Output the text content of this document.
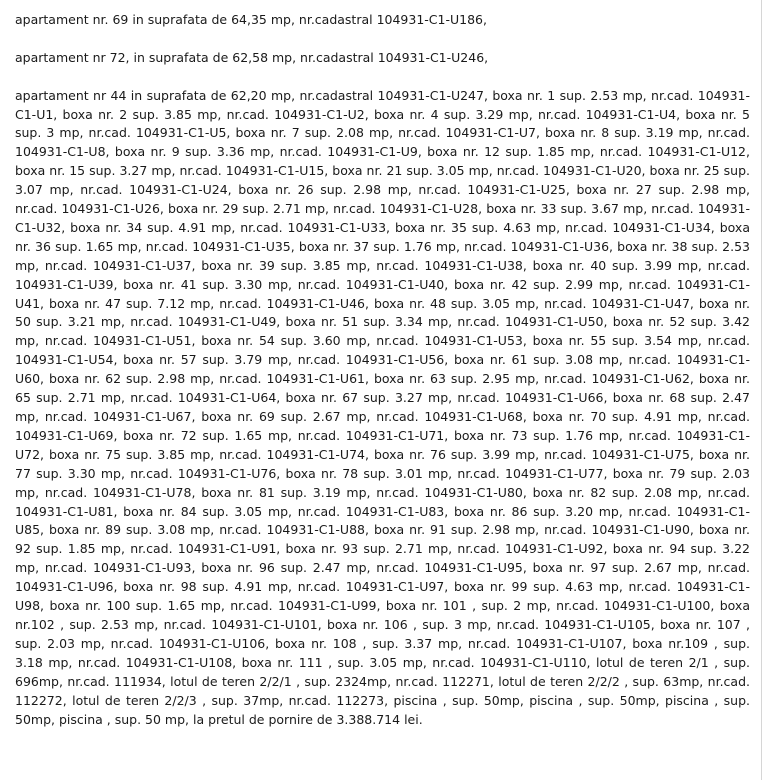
apartament nr. 69 in suprafata de 64,35 mp, nr.cadastral 104931-C1-U186,

apartament nr 72, in suprafata de 62,58 mp, nr.cadastral 104931-C1-U246,

apartament nr 44 in suprafata de 62,20 mp, nr.cadastral 104931-C1-U247, boxa nr. 1 sup. 2.53 mp, nr.cad. 104931-C1-U1, boxa nr. 2 sup. 3.85 mp, nr.cad. 104931-C1-U2, boxa nr. 4 sup. 3.29 mp, nr.cad. 104931-C1-U4, boxa nr. 5 sup. 3 mp, nr.cad. 104931-C1-U5, boxa nr. 7 sup. 2.08 mp, nr.cad. 104931-C1-U7, boxa nr. 8 sup. 3.19 mp, nr.cad. 104931-C1-U8, boxa nr. 9 sup. 3.36 mp, nr.cad. 104931-C1-U9, boxa nr. 12 sup. 1.85 mp, nr.cad. 104931-C1-U12, boxa nr. 15 sup. 3.27 mp, nr.cad. 104931-C1-U15, boxa nr. 21 sup. 3.05 mp, nr.cad. 104931-C1-U20, boxa nr. 25 sup. 3.07 mp, nr.cad. 104931-C1-U24, boxa nr. 26 sup. 2.98 mp, nr.cad. 104931-C1-U25, boxa nr. 27 sup. 2.98 mp, nr.cad. 104931-C1-U26, boxa nr. 29 sup. 2.71 mp, nr.cad. 104931-C1-U28, boxa nr. 33 sup. 3.67 mp, nr.cad. 104931-C1-U32, boxa nr. 34 sup. 4.91 mp, nr.cad. 104931-C1-U33, boxa nr. 35 sup. 4.63 mp, nr.cad. 104931-C1-U34, boxa nr. 36 sup. 1.65 mp, nr.cad. 104931-C1-U35, boxa nr. 37 sup. 1.76 mp, nr.cad. 104931-C1-U36, boxa nr. 38 sup. 2.53 mp, nr.cad. 104931-C1-U37, boxa nr. 39 sup. 3.85 mp, nr.cad. 104931-C1-U38, boxa nr. 40 sup. 3.99 mp, nr.cad. 104931-C1-U39, boxa nr. 41 sup. 3.30 mp, nr.cad. 104931-C1-U40, boxa nr. 42 sup. 2.99 mp, nr.cad. 104931-C1-U41, boxa nr. 47 sup. 7.12 mp, nr.cad. 104931-C1-U46, boxa nr. 48 sup. 3.05 mp, nr.cad. 104931-C1-U47, boxa nr. 50 sup. 3.21 mp, nr.cad. 104931-C1-U49, boxa nr. 51 sup. 3.34 mp, nr.cad. 104931-C1-U50, boxa nr. 52 sup. 3.42 mp, nr.cad. 104931-C1-U51, boxa nr. 54 sup. 3.60 mp, nr.cad. 104931-C1-U53, boxa nr. 55 sup. 3.54 mp, nr.cad. 104931-C1-U54, boxa nr. 57 sup. 3.79 mp, nr.cad. 104931-C1-U56, boxa nr. 61 sup. 3.08 mp, nr.cad. 104931-C1-U60, boxa nr. 62 sup. 2.98 mp, nr.cad. 104931-C1-U61, boxa nr. 63 sup. 2.95 mp, nr.cad. 104931-C1-U62, boxa nr. 65 sup. 2.71 mp, nr.cad. 104931-C1-U64, boxa nr. 67 sup. 3.27 mp, nr.cad. 104931-C1-U66, boxa nr. 68 sup. 2.47 mp, nr.cad. 104931-C1-U67, boxa nr. 69 sup. 2.67 mp, nr.cad. 104931-C1-U68, boxa nr. 70 sup. 4.91 mp, nr.cad. 104931-C1-U69, boxa nr. 72 sup. 1.65 mp, nr.cad. 104931-C1-U71, boxa nr. 73 sup. 1.76 mp, nr.cad. 104931-C1-U72, boxa nr. 75 sup. 3.85 mp, nr.cad. 104931-C1-U74, boxa nr. 76 sup. 3.99 mp, nr.cad. 104931-C1-U75, boxa nr. 77 sup. 3.30 mp, nr.cad. 104931-C1-U76, boxa nr. 78 sup. 3.01 mp, nr.cad. 104931-C1-U77, boxa nr. 79 sup. 2.03 mp, nr.cad. 104931-C1-U78, boxa nr. 81 sup. 3.19 mp, nr.cad. 104931-C1-U80, boxa nr. 82 sup. 2.08 mp, nr.cad. 104931-C1-U81, boxa nr. 84 sup. 3.05 mp, nr.cad. 104931-C1-U83, boxa nr. 86 sup. 3.20 mp, nr.cad. 104931-C1-U85, boxa nr. 89 sup. 3.08 mp, nr.cad. 104931-C1-U88, boxa nr. 91 sup. 2.98 mp, nr.cad. 104931-C1-U90, boxa nr. 92 sup. 1.85 mp, nr.cad. 104931-C1-U91, boxa nr. 93 sup. 2.71 mp, nr.cad. 104931-C1-U92, boxa nr. 94 sup. 3.22 mp, nr.cad. 104931-C1-U93, boxa nr. 96 sup. 2.47 mp, nr.cad. 104931-C1-U95, boxa nr. 97 sup. 2.67 mp, nr.cad. 104931-C1-U96, boxa nr. 98 sup. 4.91 mp, nr.cad. 104931-C1-U97, boxa nr. 99 sup. 4.63 mp, nr.cad. 104931-C1-U98, boxa nr. 100 sup. 1.65 mp, nr.cad. 104931-C1-U99, boxa nr. 101 , sup. 2 mp, nr.cad. 104931-C1-U100, boxa nr.102 , sup. 2.53 mp, nr.cad. 104931-C1-U101, boxa nr. 106 , sup. 3 mp, nr.cad. 104931-C1-U105, boxa nr. 107 , sup. 2.03 mp, nr.cad. 104931-C1-U106, boxa nr. 108 , sup. 3.37 mp, nr.cad. 104931-C1-U107, boxa nr.109 , sup. 3.18 mp, nr.cad. 104931-C1-U108, boxa nr. 111 , sup. 3.05 mp, nr.cad. 104931-C1-U110, lotul de teren 2/1 , sup. 696mp, nr.cad. 111934, lotul de teren 2/2/1 , sup. 2324mp, nr.cad. 112271, lotul de teren 2/2/2 , sup. 63mp, nr.cad. 112272, lotul de teren 2/2/3 , sup. 37mp, nr.cad. 112273, piscina , sup. 50mp, piscina , sup. 50mp, piscina , sup. 50mp, piscina , sup. 50 mp, la pretul de pornire de 3.388.714 lei.
